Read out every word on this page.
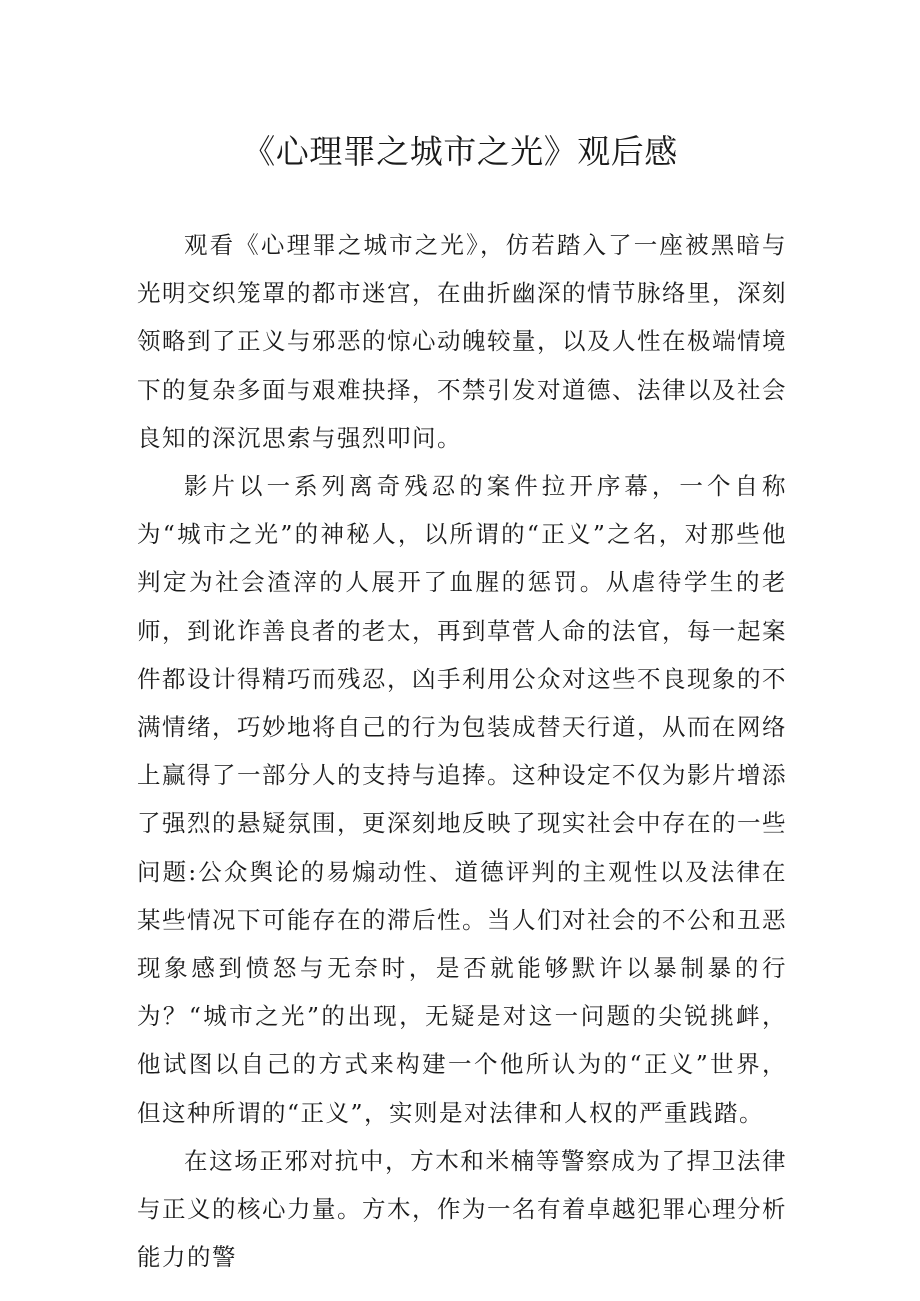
《心理罪之城市之光》观后感

观看《心理罪之城市之光》，仿若踏入了一座被黑暗与光明交织笼罩的都市迷宫，在曲折幽深的情节脉络里，深刻领略到了正义与邪恶的惊心动魄较量，以及人性在极端情境下的复杂多面与艰难抉择，不禁引发对道德、法律以及社会良知的深沉思索与强烈叩问。

影片以一系列离奇残忍的案件拉开序幕，一个自称为“城市之光”的神秘人，以所谓的“正义”之名，对那些他判定为社会渣滓的人展开了血腥的惩罚。从虐待学生的老师，到讹诈善良者的老太，再到草菅人命的法官，每一起案件都设计得精巧而残忍，凶手利用公众对这些不良现象的不满情绪，巧妙地将自己的行为包装成替天行道，从而在网络上赢得了一部分人的支持与追捧。这种设定不仅为影片增添了强烈的悬疑氛围，更深刻地反映了现实社会中存在的一些问题:公众舆论的易煽动性、道德评判的主观性以及法律在某些情况下可能存在的滞后性。当人们对社会的不公和丑恶现象感到愤怒与无奈时，是否就能够默许以暴制暴的行为？“城市之光”的出现，无疑是对这一问题的尖锐挑衅，他试图以自己的方式来构建一个他所认为的“正义”世界，但这种所谓的“正义”，实则是对法律和人权的严重践踏。

在这场正邪对抗中，方木和米楠等警察成为了捍卫法律与正义的核心力量。方木，作为一名有着卓越犯罪心理分析能力的警
